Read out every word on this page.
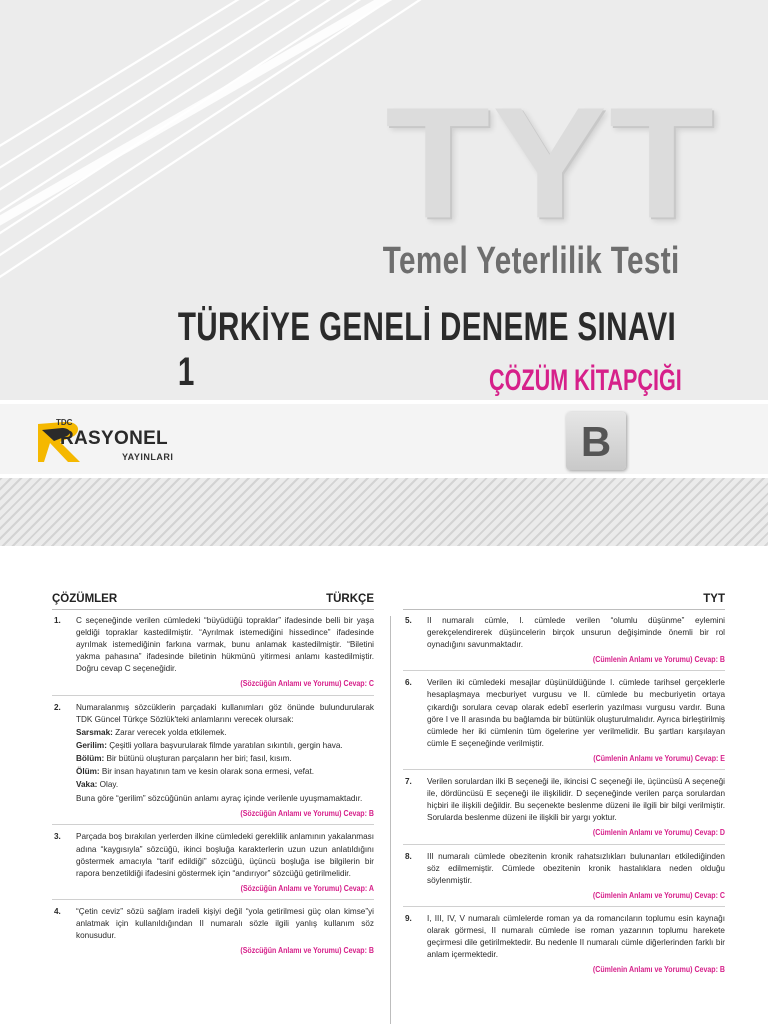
TYT
Temel Yeterlilik Testi
TÜRKİYE GENELİ DENEME SINAVI 1	ÇÖZÜM KİTAPÇIĞI
TDC
RASYONEL
YAYINLARI	B
ÇÖZÜMLER	TÜRKÇE
1. C seçeneğinde verilen cümledeki “büyüdüğü topraklar” ifadesinde belli bir yaşa geldiği topraklar kastedilmiştir. “Ayrılmak istemediğini hissedince” ifadesinde ayrılmak istemediğinin farkına varmak, bunu anlamak kastedilmiştir. “Biletini yakma pahasına” ifadesinde biletinin hükmünü yitirmesi anlamı kastedilmiştir. Doğru cevap C seçeneğidir.

(Sözcüğün Anlamı ve Yorumu) Cevap: C
2. Numaralanmış sözcüklerin parçadaki kullanımları göz önünde bulundurularak TDK Güncel Türkçe Sözlük'teki anlamlarını verecek olursak:

Sarsmak: Zarar verecek yolda etkilemek.

Gerilim: Çeşitli yollara başvurularak filmde yaratılan sıkıntılı, gergin hava.

Bölüm: Bir bütünü oluşturan parçaların her biri; fasıl, kısım.

Ölüm: Bir insan hayatının tam ve kesin olarak sona ermesi, vefat.

Vaka: Olay.

Buna göre “gerilim” sözcüğünün anlamı ayraç içinde verilenle uyuşmamaktadır.

(Sözcüğün Anlamı ve Yorumu) Cevap: B
3. Parçada boş bırakılan yerlerden ilkine cümledeki gereklilik anlamının yakalanması adına “kaygısıyla” sözcüğü, ikinci boşluğa karakterlerin uzun uzun anlatıldığını göstermek amacıyla “tarif edildiği” sözcüğü, üçüncü boşluğa ise bilgilerin bir rapora benzetildiği ifadesini göstermek için “andırıyor” sözcüğü getirilmelidir.

(Sözcüğün Anlamı ve Yorumu) Cevap: A
4. “Çetin ceviz” sözü sağlam iradeli kişiyi değil “yola getirilmesi güç olan kimse”yi anlatmak için kullanıldığından II numaralı sözle ilgili yanlış kullanım söz konusudur.

(Sözcüğün Anlamı ve Yorumu) Cevap: B
TYT
5. II numaralı cümle, I. cümlede verilen “olumlu düşünme” eylemini gerekçelendirerek düşüncelerin birçok unsurun değişiminde önemli bir rol oynadığını savunmaktadır.

(Cümlenin Anlamı ve Yorumu) Cevap: B
6. Verilen iki cümledeki mesajlar düşünüldüğünde I. cümlede tarihsel gerçeklerle hesaplaşmaya mecburiyet vurgusu ve II. cümlede bu mecburiyetin ortaya çıkardığı sorulara cevap olarak edebî eserlerin yazılması vurgusu vardır. Buna göre I ve II arasında bu bağlamda bir bütünlük oluşturulmalıdır. Ayrıca birleştirilmiş cümlede her iki cümlenin tüm ögelerine yer verilmelidir. Bu şartları karşılayan cümle E seçeneğinde verilmiştir.

(Cümlenin Anlamı ve Yorumu) Cevap: E
7. Verilen sorulardan ilki B seçeneği ile, ikincisi C seçeneği ile, üçüncüsü A seçeneği ile, dördüncüsü E seçeneği ile ilişkilidir. D seçeneğinde verilen parça sorulardan hiçbiri ile ilişkili değildir. Bu seçenekte beslenme düzeni ile ilgili bir bilgi verilmiştir. Sorularda beslenme düzeni ile ilişkili bir yargı yoktur.

(Cümlenin Anlamı ve Yorumu) Cevap: D
8. III numaralı cümlede obezitenin kronik rahatsızlıkları bulunanları etkilediğinden söz edilmemiştir. Cümlede obezitenin kronik hastalıklara neden olduğu söylenmiştir.

(Cümlenin Anlamı ve Yorumu) Cevap: C
9. I, III, IV, V numaralı cümlelerde roman ya da romancıların toplumu esin kaynağı olarak görmesi, II numaralı cümlede ise roman yazarının toplumu harekete geçirmesi dile getirilmektedir. Bu nedenle II numaralı cümle diğerlerinden farklı bir anlam içermektedir.

(Cümlenin Anlamı ve Yorumu) Cevap: B
